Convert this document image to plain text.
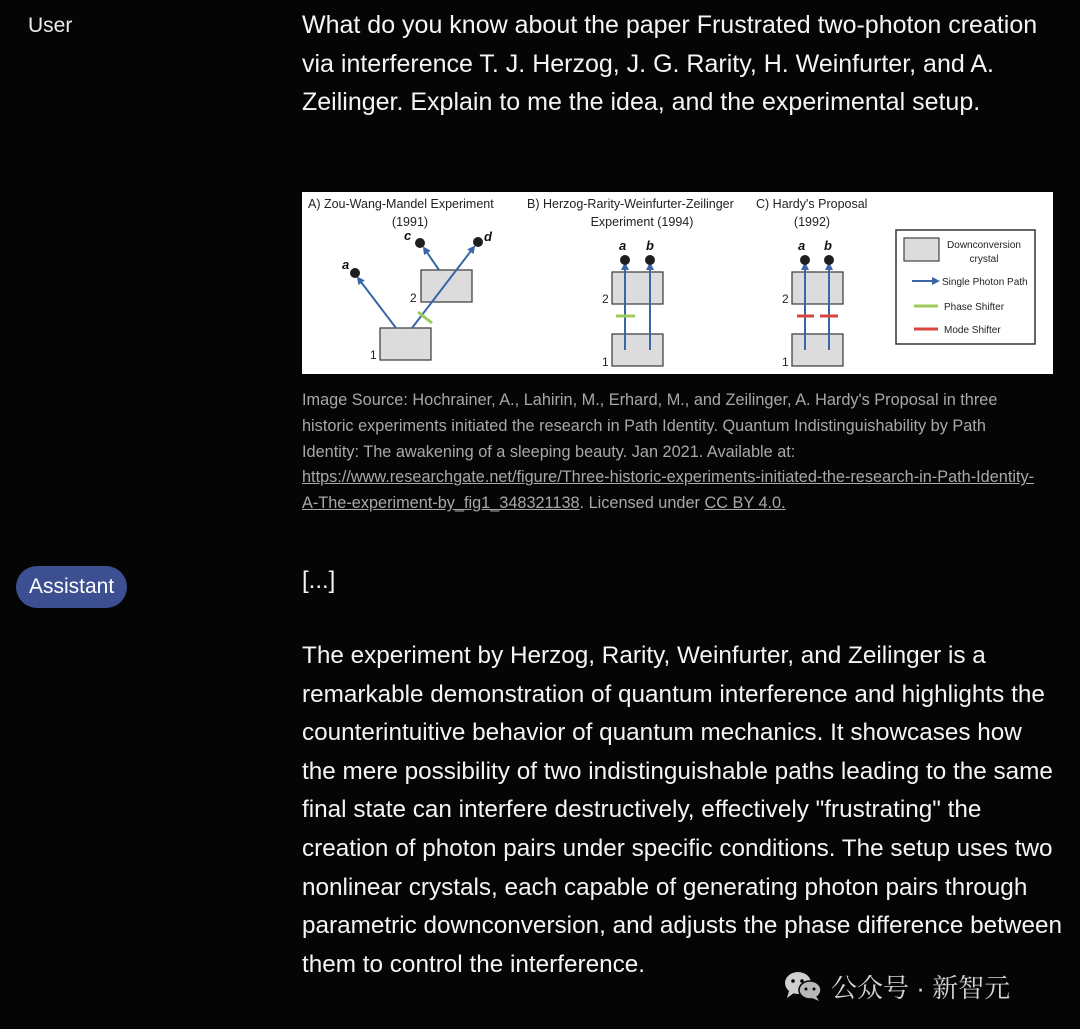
User	What do you know about the paper Frustrated two-photon creation via interference T. J. Herzog, J. G. Rarity, H. Weinfurter, and A. Zeilinger. Explain to me the idea, and the experimental setup.
A) Zou-Wang-Mandel Experiment
(1991)
1
2
a
c	d
B) Herzog-Rarity-Weinfurter-Zeilinger
Experiment (1994)
1
2
a b
C) Hardy's Proposal
(1992)
1
2
a b	Downconversion
crystal
Single Photon Path
Phase Shifter
Mode Shifter
Image Source: Hochrainer, A., Lahirin, M., Erhard, M., and Zeilinger, A. Hardy's Proposal in three historic experiments initiated the research in Path Identity. Quantum Indistinguishability by Path Identity: The awakening of a sleeping beauty. Jan 2021. Available at: https://www.researchgate.net/figure/Three-historic-experiments-initiated-the-research-in-Path-Identity-A-The-experiment-by_fig1_348321138. Licensed under CC BY 4.0.
Assistant	[...]
The experiment by Herzog, Rarity, Weinfurter, and Zeilinger is a remarkable demonstration of quantum interference and highlights the counterintuitive behavior of quantum mechanics. It showcases how the mere possibility of two indistinguishable paths leading to the same final state can interfere destructively, effectively "frustrating" the creation of photon pairs under specific conditions. The setup uses two nonlinear crystals, each capable of generating photon pairs through parametric downconversion, and adjusts the phase difference between them to control the interference.
公众号 · 新智元
